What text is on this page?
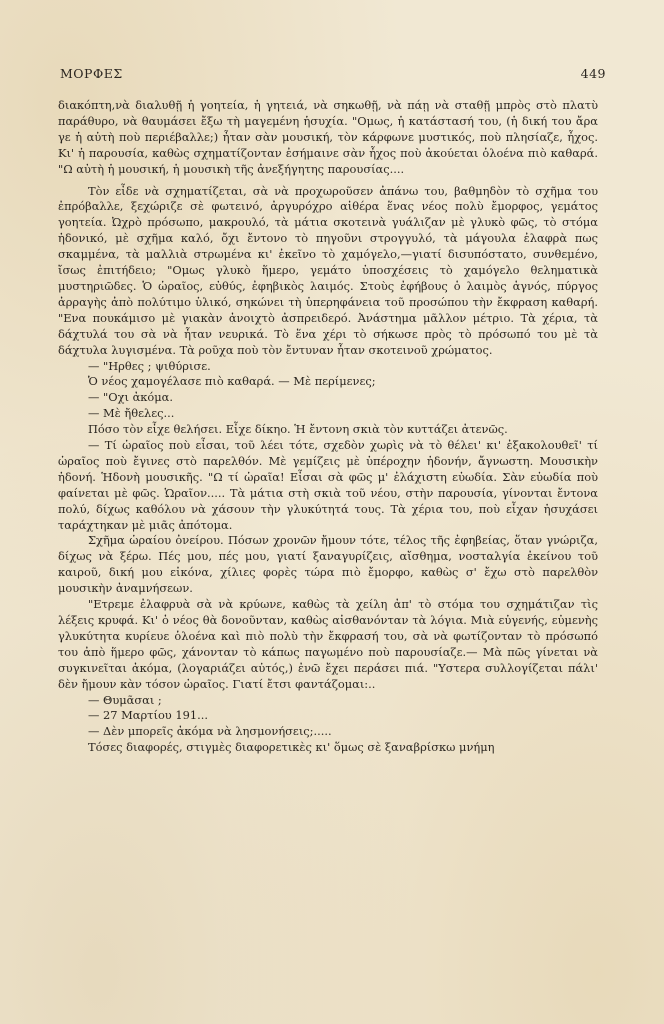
ΜΟΡΦΕΣ	449

διακόπτη,νὰ διαλυθῇ ἡ γοητεία, ἡ γητειά, νὰ σηκωθῇ, νὰ πάῃ νὰ σταθῇ μπρὸς στὸ πλατὺ παράθυρο, νὰ θαυμάσει ἔξω τὴ μαγεμένη ἡσυχία. "Ομως, ἡ κατάστασή του, (ἡ δική του ἄρα γε ἡ αὐτὴ ποὺ περιέβαλλε;) ἦταν σὰν μουσική, τὸν κάρφωνε μυστικός, ποὺ πλησίαζε, ἦχος. Κι' ἡ παρουσία, καθὼς σχηματίζονταν ἐσήμαινε σὰν ἦχος ποὺ ἀκούεται ὁλοένα πιὸ καθαρά. "Ω αὐτὴ ἡ μουσική, ἡ μουσικὴ τῆς ἀνεξήγητης παρουσίας....

Τὸν εἶδε νὰ σχηματίζεται, σὰ νὰ προχωροῦσεν ἀπάνω του, βαθμηδὸν τὸ σχῆμα του ἐπρόβαλλε, ξεχώριζε σὲ φωτεινό, ἀργυρόχρο αἰθέρα ἕνας νέος πολὺ ἔμορφος, γεμάτος γοητεία. Ὠχρὸ πρόσωπο, μακρουλό, τὰ μάτια σκοτεινὰ γυάλιζαν μὲ γλυκὸ φῶς, τὸ στόμα ἡδονικό, μὲ σχῆμα καλό, ὄχι ἔντονο τὸ πηγοῦνι στρογγυλό, τὰ μάγουλα ἐλαφρὰ πως σκαμμένα, τὰ μαλλιὰ στρωμένα κι' ἐκεῖνο τὸ χαμόγελο,—γιατί δισυπόστατο, συνθεμένο, ἴσως ἐπιτήδειο; "Ομως γλυκὸ ἥμερο, γεμάτο ὑποσχέσεις τὸ χαμόγελο θεληματικὰ μυστηριῶδες. Ὁ ὡραῖος, εὐθύς, ἐφηβικὸς λαιμός. Στοὺς ἐφήβους ὁ λαιμὸς ἁγνός, πύργος ἀρραγὴς ἀπὸ πολύτιμο ὑλικό, σηκώνει τὴ ὑπερηφάνεια τοῦ προσώπου τὴν ἔκφραση καθαρή. "Ενα πουκάμισο μὲ γιακὰν ἀνοιχτὸ ἀσπρειδερό. Ἀνάστημα μᾶλλον μέτριο. Τὰ χέρια, τὰ δάχτυλά του σὰ νὰ ἦταν νευρικά. Τὸ ἕνα χέρι τὸ σήκωσε πρὸς τὸ πρόσωπό του μὲ τὰ δάχτυλα λυγισμένα. Τὰ ροῦχα ποὺ τὸν ἔντυναν ἦταν σκοτεινοῦ χρώματος.

— "Ηρθες ; ψιθύρισε.

Ὁ νέος χαμογέλασε πιὸ καθαρά. — Μὲ περίμενες;

— "Οχι ἀκόμα.

— Μὲ ἤθελες...

Πόσο τὸν εἶχε θελήσει. Εἶχε δίκηο. Ἡ ἔντονη σκιὰ τὸν κυττάζει ἀτενῶς.

— Τί ὡραῖος ποὺ εἶσαι, τοῦ λέει τότε, σχεδὸν χωρὶς νὰ τὸ θέλει' κι' ἐξακολουθεῖ' τί ὡραῖος ποὺ ἔγινες στὸ παρελθόν. Μὲ γεμίζεις μὲ ὑπέροχην ἡδονήν, ἄγνωστη. Μουσικὴν ἡδονή. Ἡδονὴ μουσικῆς. "Ω τί ὡραῖα! Εἶσαι σὰ φῶς μ' ἐλάχιστη εὐωδία. Σὰν εὐωδία ποὺ φαίνεται μὲ φῶς. Ὡραῖον..... Τὰ μάτια στὴ σκιὰ τοῦ νέου, στὴν παρουσία, γίνονται ἔντονα πολύ, δίχως καθόλου νὰ χάσουν τὴν γλυκύτητά τους. Τὰ χέρια του, ποὺ εἶχαν ἡσυχάσει ταράχτηκαν μὲ μιᾶς ἀπότομα.

Σχῆμα ὡραίου ὀνείρου. Πόσων χρονῶν ἤμουν τότε, τέλος τῆς ἐφηβείας, ὅταν γνώριζα, δίχως νὰ ξέρω. Πές μου, πές μου, γιατί ξαναγυρίζεις, αἴσθημα, νοσταλγία ἐκείνου τοῦ καιροῦ, δική μου εἰκόνα, χίλιες φορὲς τώρα πιὸ ἔμορφο, καθὼς σ' ἔχω στὸ παρελθὸν μουσικὴν ἀναμνήσεων.

"Ετρεμε ἐλαφρυὰ σὰ νὰ κρύωνε, καθὼς τὰ χείλη ἀπ' τὸ στόμα του σχημάτιζαν τὶς λέξεις κρυφά. Κι' ὁ νέος θὰ δονοῦνταν, καθὼς αἰσθανόνταν τὰ λόγια. Μιὰ εὐγενής, εὐμενὴς γλυκύτητα κυρίευε ὁλοένα καὶ πιὸ πολὺ τὴν ἔκφρασή του, σὰ νὰ φωτίζονταν τὸ πρόσωπό του ἀπὸ ἥμερο φῶς, χάνονταν τὸ κάπως παγωμένο ποὺ παρουσίαζε.— Μὰ πῶς γίνεται νὰ συγκινεῖται ἀκόμα, (λογαριάζει αὐτός,) ἐνῶ ἔχει περάσει πιά. "Υστερα συλλογίζεται πάλι' δὲν ἤμουν κὰν τόσον ὡραῖος. Γιατί ἔτσι φαντάζομαι:..

— Θυμᾶσαι ;

— 27 Μαρτίου 191...

— Δὲν μπορεῖς ἀκόμα νὰ λησμονήσεις;.....

Τόσες διαφορές, στιγμὲς διαφορετικὲς κι' ὅμως σὲ ξαναβρίσκω μνήμη
